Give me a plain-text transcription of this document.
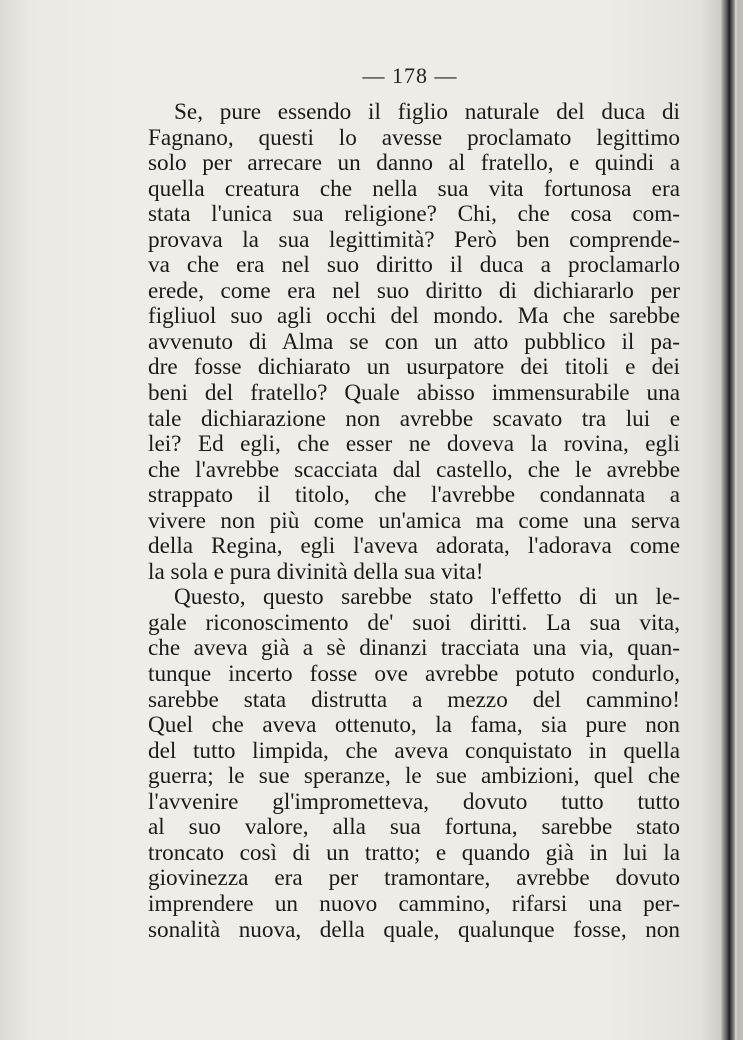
— 178 —
Se, pure essendo il figlio naturale del duca di
Fagnano, questi lo avesse proclamato legittimo
solo per arrecare un danno al fratello, e quindi a
quella creatura che nella sua vita fortunosa era
stata l'unica sua religione? Chi, che cosa com-
provava la sua legittimità? Però ben comprende-
va che era nel suo diritto il duca a proclamarlo
erede, come era nel suo diritto di dichiararlo per
figliuol suo agli occhi del mondo. Ma che sarebbe
avvenuto di Alma se con un atto pubblico il pa-
dre fosse dichiarato un usurpatore dei titoli e dei
beni del fratello? Quale abisso immensurabile una
tale dichiarazione non avrebbe scavato tra lui e
lei? Ed egli, che esser ne doveva la rovina, egli
che l'avrebbe scacciata dal castello, che le avrebbe
strappato il titolo, che l'avrebbe condannata a
vivere non più come un'amica ma come una serva
della Regina, egli l'aveva adorata, l'adorava come
la sola e pura divinità della sua vita!
Questo, questo sarebbe stato l'effetto di un le-
gale riconoscimento de' suoi diritti. La sua vita,
che aveva già a sè dinanzi tracciata una via, quan-
tunque incerto fosse ove avrebbe potuto condurlo,
sarebbe stata distrutta a mezzo del cammino!
Quel che aveva ottenuto, la fama, sia pure non
del tutto limpida, che aveva conquistato in quella
guerra; le sue speranze, le sue ambizioni, quel che
l'avvenire gl'imprometteva, dovuto tutto tutto
al suo valore, alla sua fortuna, sarebbe stato
troncato così di un tratto; e quando già in lui la
giovinezza era per tramontare, avrebbe dovuto
imprendere un nuovo cammino, rifarsi una per-
sonalità nuova, della quale, qualunque fosse, non
